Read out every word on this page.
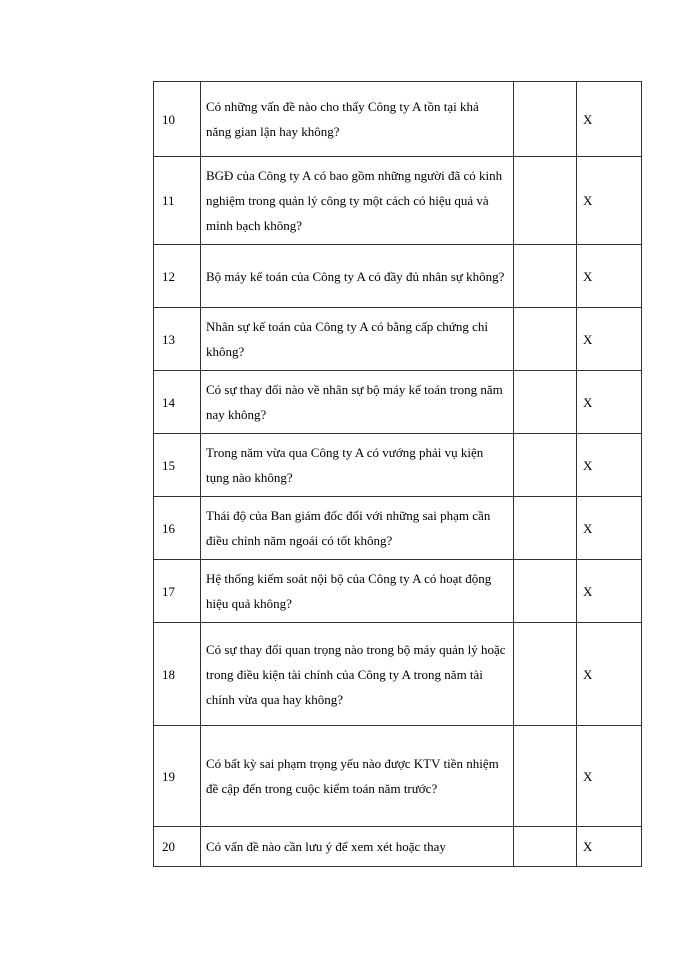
10	Có những vấn đề nào cho thấy Công ty A tồn tại khả năng gian lận hay không?		X
11	BGĐ của Công ty A có bao gồm những người đã có kinh nghiệm trong quản lý công ty một cách có hiệu quả và minh bạch không?		X
12	Bộ máy kế toán của Công ty A có đầy đủ nhân sự không?		X
13	Nhân sự kế toán của Công ty A có bằng cấp chứng chỉ không?		X
14	Có sự thay đổi nào về nhân sự bộ máy kế toán trong năm nay không?		X
15	Trong năm vừa qua Công ty A có vướng phải vụ kiện tụng nào không?		X
16	Thái độ của Ban giám đốc đối với những sai phạm cần điều chỉnh năm ngoái có tốt không?		X
17	Hệ thống kiểm soát nội bộ của Công ty A có hoạt động hiệu quả không?		X
18	Có sự thay đổi quan trọng nào trong bộ máy quản lý hoặc trong điều kiện tài chính của Công ty A trong năm tài chính vừa qua hay không?		X
19	Có bất kỳ sai phạm trọng yếu nào được KTV tiền nhiệm đề cập đến trong cuộc kiểm toán năm trước?		X
20	Có vấn đề nào cần lưu ý để xem xét hoặc thay		X
